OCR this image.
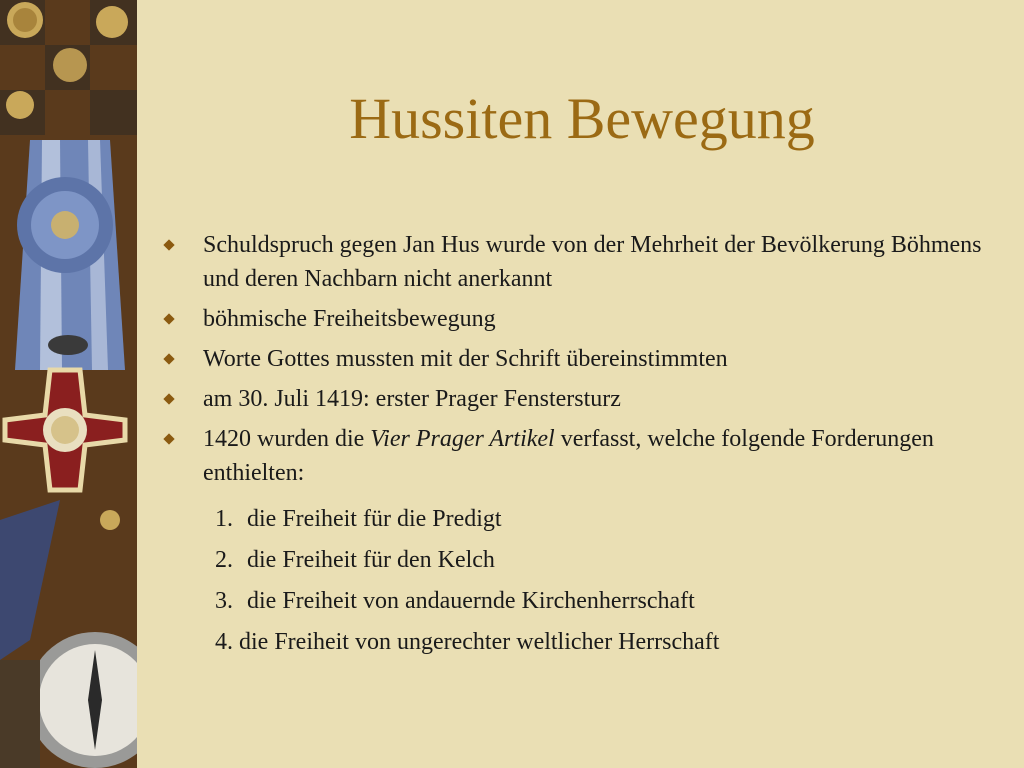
Hussiten Bewegung
Schuldspruch gegen Jan Hus wurde von der Mehrheit der Bevölkerung Böhmens und deren Nachbarn nicht anerkannt
böhmische Freiheitsbewegung
Worte Gottes mussten mit der Schrift übereinstimmten
am 30. Juli 1419: erster Prager Fenstersturz
1420 wurden die Vier Prager Artikel verfasst, welche folgende Forderungen enthielten:
1. die Freiheit für die Predigt
2. die Freiheit für den Kelch
3. die Freiheit von andauernde Kirchenherrschaft
4. die Freiheit von ungerechter weltlicher Herrschaft
